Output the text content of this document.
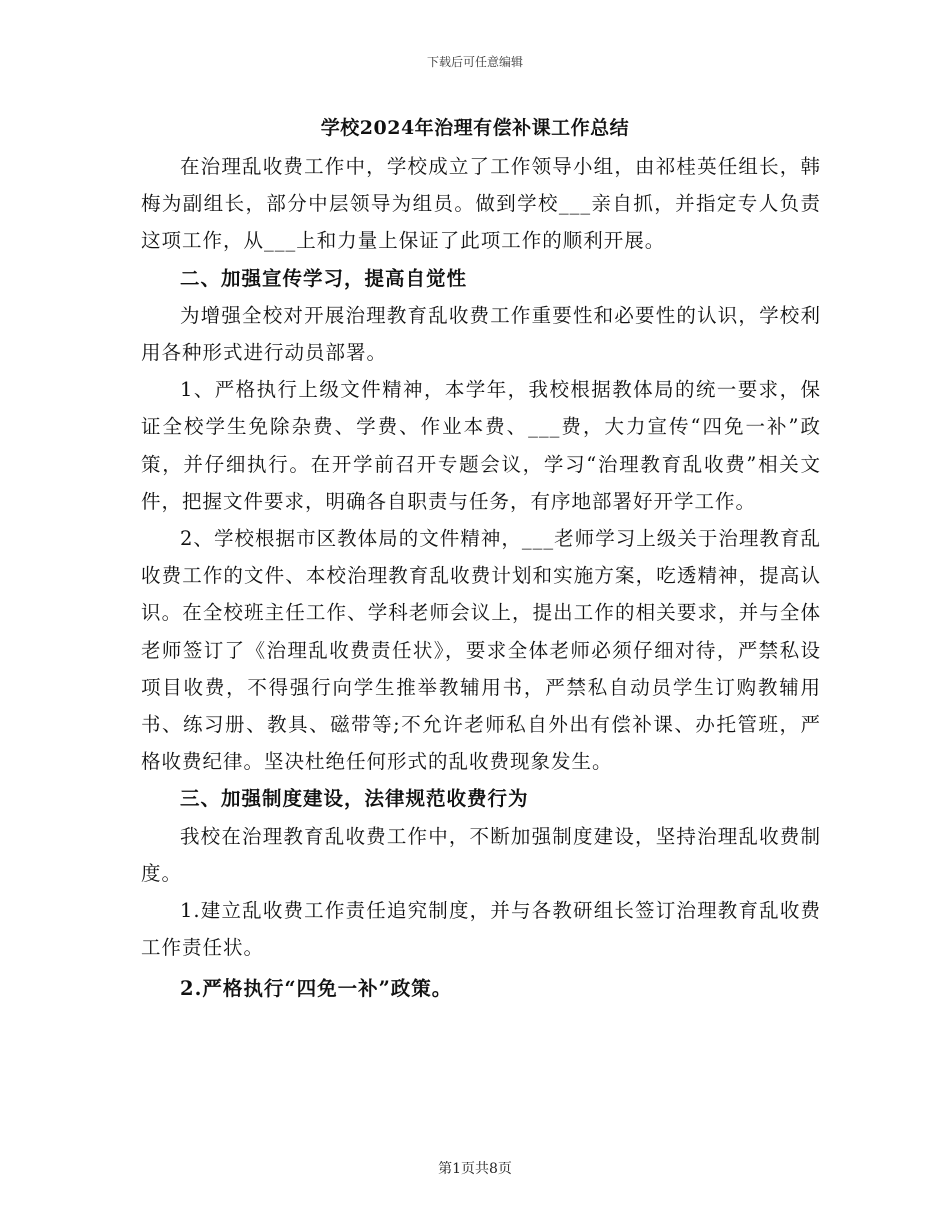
下载后可任意编辑
学校2024年治理有偿补课工作总结

在治理乱收费工作中，学校成立了工作领导小组，由祁桂英任组长，韩梅为副组长，部分中层领导为组员。做到学校___亲自抓，并指定专人负责这项工作，从___上和力量上保证了此项工作的顺利开展。

二、加强宣传学习，提高自觉性

为增强全校对开展治理教育乱收费工作重要性和必要性的认识，学校利用各种形式进行动员部署。

1、严格执行上级文件精神，本学年，我校根据教体局的统一要求，保证全校学生免除杂费、学费、作业本费、___费，大力宣传“四免一补”政策，并仔细执行。在开学前召开专题会议，学习“治理教育乱收费”相关文件，把握文件要求，明确各自职责与任务，有序地部署好开学工作。

2、学校根据市区教体局的文件精神，___老师学习上级关于治理教育乱收费工作的文件、本校治理教育乱收费计划和实施方案，吃透精神，提高认识。在全校班主任工作、学科老师会议上，提出工作的相关要求，并与全体老师签订了《治理乱收费责任状》，要求全体老师必须仔细对待，严禁私设项目收费，不得强行向学生推举教辅用书，严禁私自动员学生订购教辅用书、练习册、教具、磁带等;不允许老师私自外出有偿补课、办托管班，严格收费纪律。坚决杜绝任何形式的乱收费现象发生。

三、加强制度建设，法律规范收费行为

我校在治理教育乱收费工作中，不断加强制度建设，坚持治理乱收费制度。

1.建立乱收费工作责任追究制度，并与各教研组长签订治理教育乱收费工作责任状。

2.严格执行“四免一补”政策。

第1页共8页
